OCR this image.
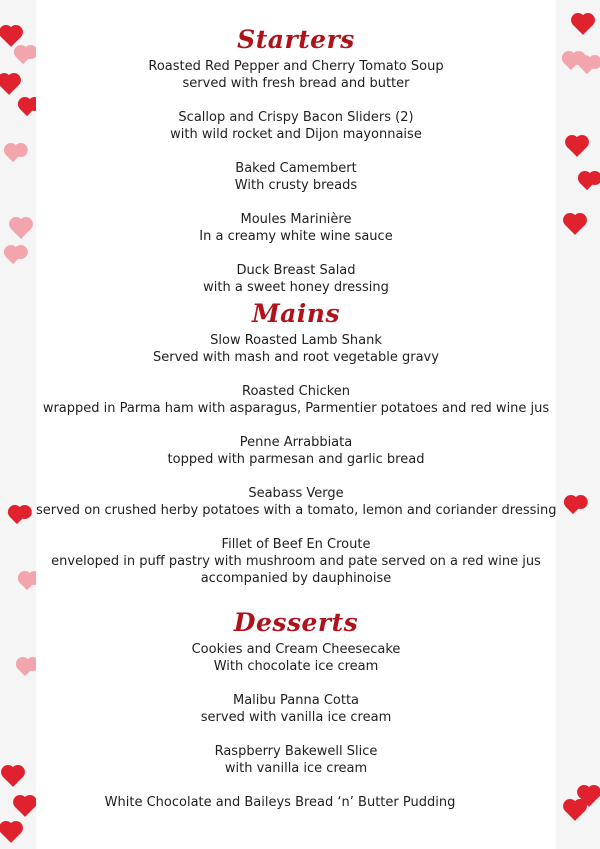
Starters
Roasted Red Pepper and Cherry Tomato Soup
served with fresh bread and butter
Scallop and Crispy Bacon Sliders (2)
with wild rocket and Dijon mayonnaise
Baked Camembert
With crusty breads
Moules Marinière
In a creamy white wine sauce
Duck Breast Salad
with a sweet honey dressing
Mains
Slow Roasted Lamb Shank
Served with mash and root vegetable gravy
Roasted Chicken
wrapped in Parma ham with asparagus, Parmentier potatoes and red wine jus
Penne Arrabbiata
topped with parmesan and garlic bread
Seabass Verge
served on crushed herby potatoes with a tomato, lemon and coriander dressing
Fillet of Beef En Croute
enveloped in puff pastry with mushroom and pate served on a red wine jus
accompanied by dauphinoise
Desserts
Cookies and Cream Cheesecake
With chocolate ice cream
Malibu Panna Cotta
served with vanilla ice cream
Raspberry Bakewell Slice
with vanilla ice cream
White Chocolate and Baileys Bread ‘n’ Butter Pudding
